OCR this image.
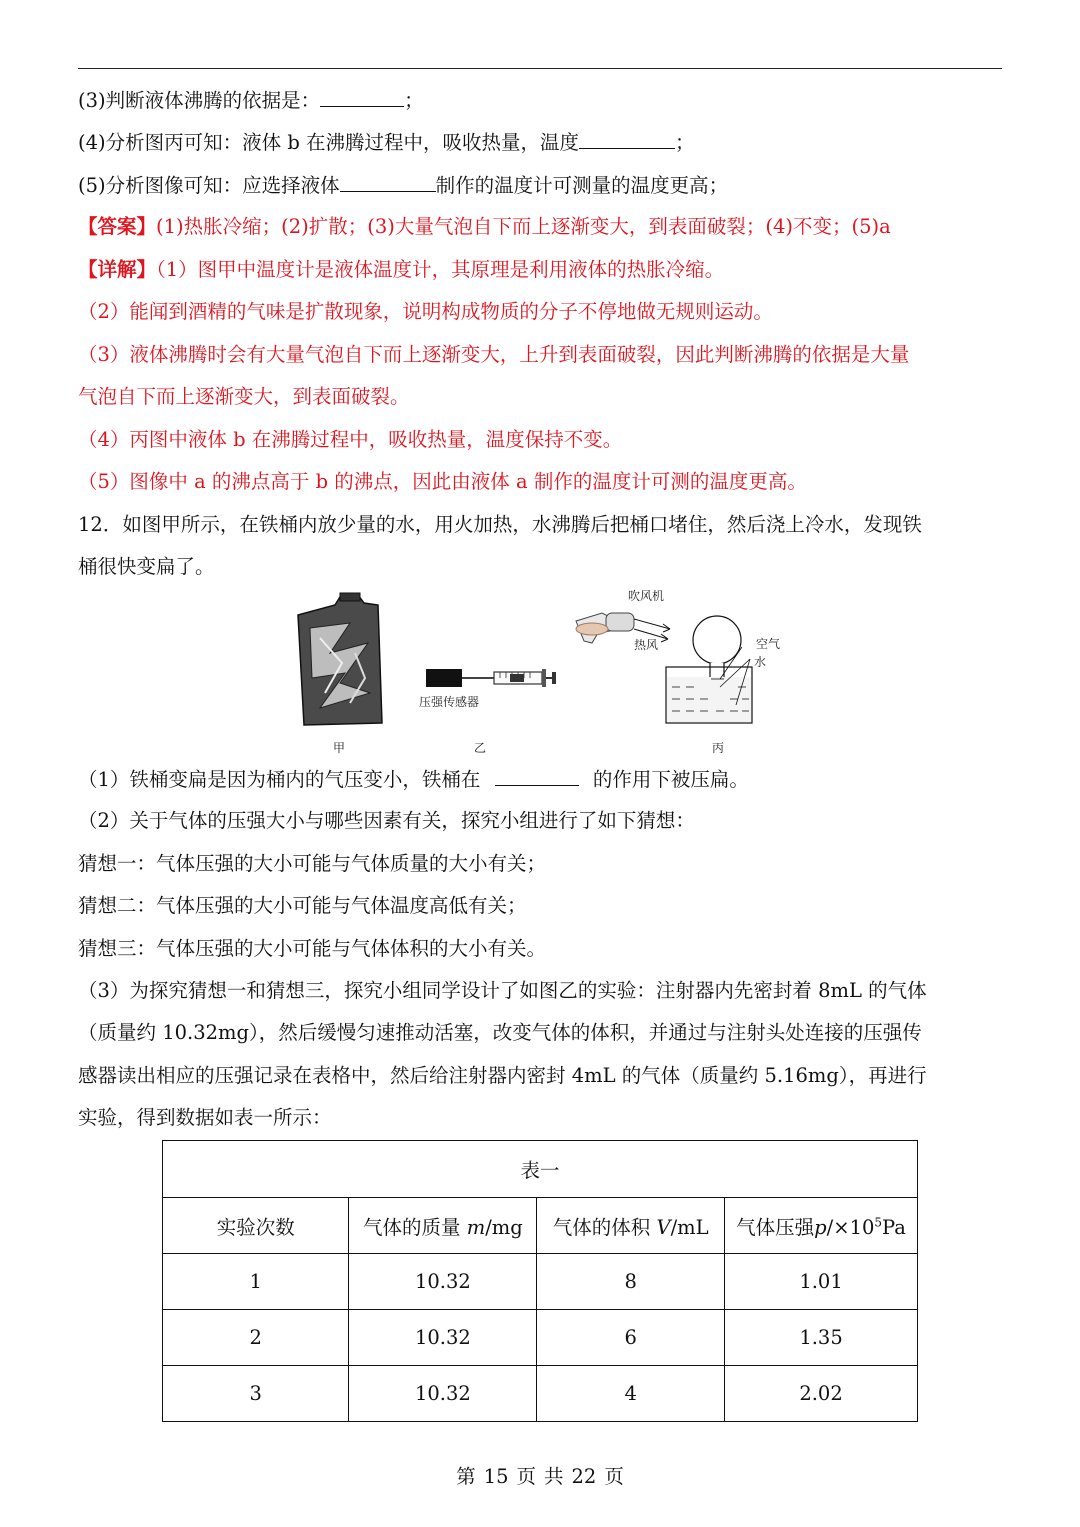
(3)判断液体沸腾的依据是：	；
(4)分析图丙可知：液体 b 在沸腾过程中，吸收热量，温度	；
(5)分析图像可知：应选择液体	制作的温度计可测量的温度更高；
【答案】(1)热胀冷缩；(2)扩散；(3)大量气泡自下而上逐渐变大，到表面破裂；(4)不变；(5)a
【详解】（1）图甲中温度计是液体温度计，其原理是利用液体的热胀冷缩。
（2）能闻到酒精的气味是扩散现象，说明构成物质的分子不停地做无规则运动。
（3）液体沸腾时会有大量气泡自下而上逐渐变大，上升到表面破裂，因此判断沸腾的依据是大量
气泡自下而上逐渐变大，到表面破裂。
（4）丙图中液体 b 在沸腾过程中，吸收热量，温度保持不变。
（5）图像中 a 的沸点高于 b 的沸点，因此由液体 a 制作的温度计可测的温度更高。
12．如图甲所示，在铁桶内放少量的水，用火加热，水沸腾后把桶口堵住，然后浇上冷水，发现铁
桶很快变扁了。
压强传感器
吹风机
热风	空气
水
甲	乙	丙
（1）铁桶变扁是因为桶内的气压变小，铁桶在	的作用下被压扁。
（2）关于气体的压强大小与哪些因素有关，探究小组进行了如下猜想：
猜想一：气体压强的大小可能与气体质量的大小有关；
猜想二：气体压强的大小可能与气体温度高低有关；
猜想三：气体压强的大小可能与气体体积的大小有关。
（3）为探究猜想一和猜想三，探究小组同学设计了如图乙的实验：注射器内先密封着 8mL 的气体
（质量约 10.32mg），然后缓慢匀速推动活塞，改变气体的体积，并通过与注射头处连接的压强传
感器读出相应的压强记录在表格中，然后给注射器内密封 4mL 的气体（质量约 5.16mg），再进行
实验，得到数据如表一所示：
表一			
实验次数	气体的质量 m/mg	气体的体积 V/mL	气体压强$p/\times 10^5Pa$
1	10.32	8	1.01
2	10.32	6	1.35
3	10.32	4	2.02
第 15 页 共 22 页
